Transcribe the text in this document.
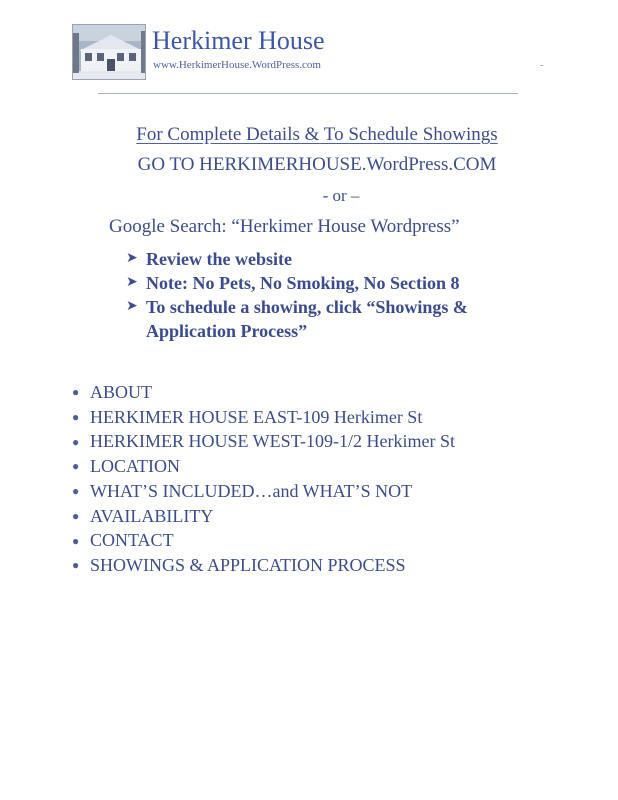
Herkimer House
www.HerkimerHouse.WordPress.com	-
For Complete Details & To Schedule Showings
GO TO HERKIMERHOUSE.WordPress.COM
- or –
Google Search: “Herkimer House Wordpress”
➤ Review the website
➤ Note: No Pets, No Smoking, No Section 8
➤ To schedule a showing, click “Showings & Application Process”
● ABOUT
● HERKIMER HOUSE EAST-109 Herkimer St
● HERKIMER HOUSE WEST-109-1/2 Herkimer St
● LOCATION
● WHAT’S INCLUDED…and WHAT’S NOT
● AVAILABILITY
● CONTACT
● SHOWINGS & APPLICATION PROCESS
